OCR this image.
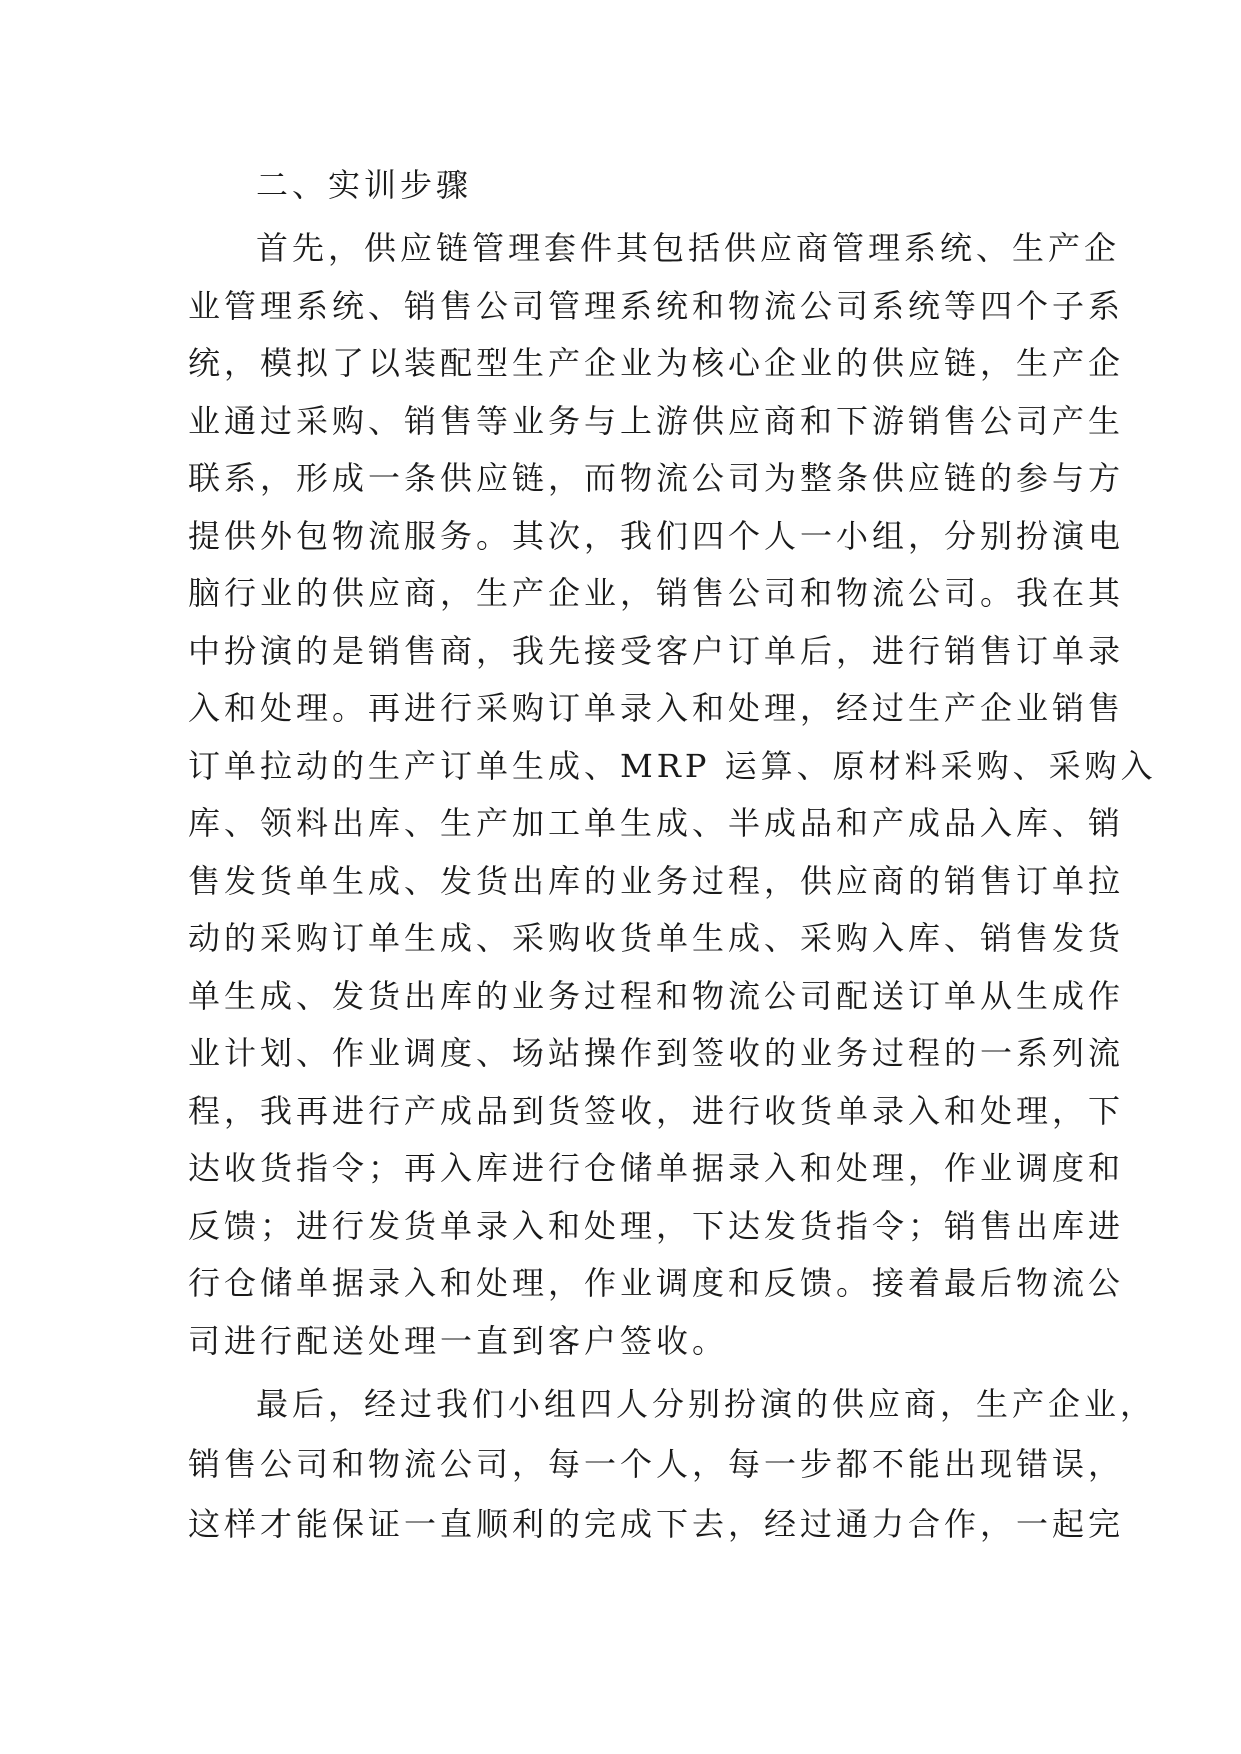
二、实训步骤
首先，供应链管理套件其包括供应商管理系统、生产企
业管理系统、销售公司管理系统和物流公司系统等四个子系
统，模拟了以装配型生产企业为核心企业的供应链，生产企
业通过采购、销售等业务与上游供应商和下游销售公司产生
联系，形成一条供应链，而物流公司为整条供应链的参与方
提供外包物流服务。其次，我们四个人一小组，分别扮演电
脑行业的供应商，生产企业，销售公司和物流公司。我在其
中扮演的是销售商，我先接受客户订单后，进行销售订单录
入和处理。再进行采购订单录入和处理，经过生产企业销售
订单拉动的生产订单生成、MRP 运算、原材料采购、采购入
库、领料出库、生产加工单生成、半成品和产成品入库、销
售发货单生成、发货出库的业务过程，供应商的销售订单拉
动的采购订单生成、采购收货单生成、采购入库、销售发货
单生成、发货出库的业务过程和物流公司配送订单从生成作
业计划、作业调度、场站操作到签收的业务过程的一系列流
程，我再进行产成品到货签收，进行收货单录入和处理，下
达收货指令；再入库进行仓储单据录入和处理，作业调度和
反馈；进行发货单录入和处理，下达发货指令；销售出库进
行仓储单据录入和处理，作业调度和反馈。接着最后物流公
司进行配送处理一直到客户签收。
最后，经过我们小组四人分别扮演的供应商，生产企业，
销售公司和物流公司，每一个人，每一步都不能出现错误，
这样才能保证一直顺利的完成下去，经过通力合作，一起完
